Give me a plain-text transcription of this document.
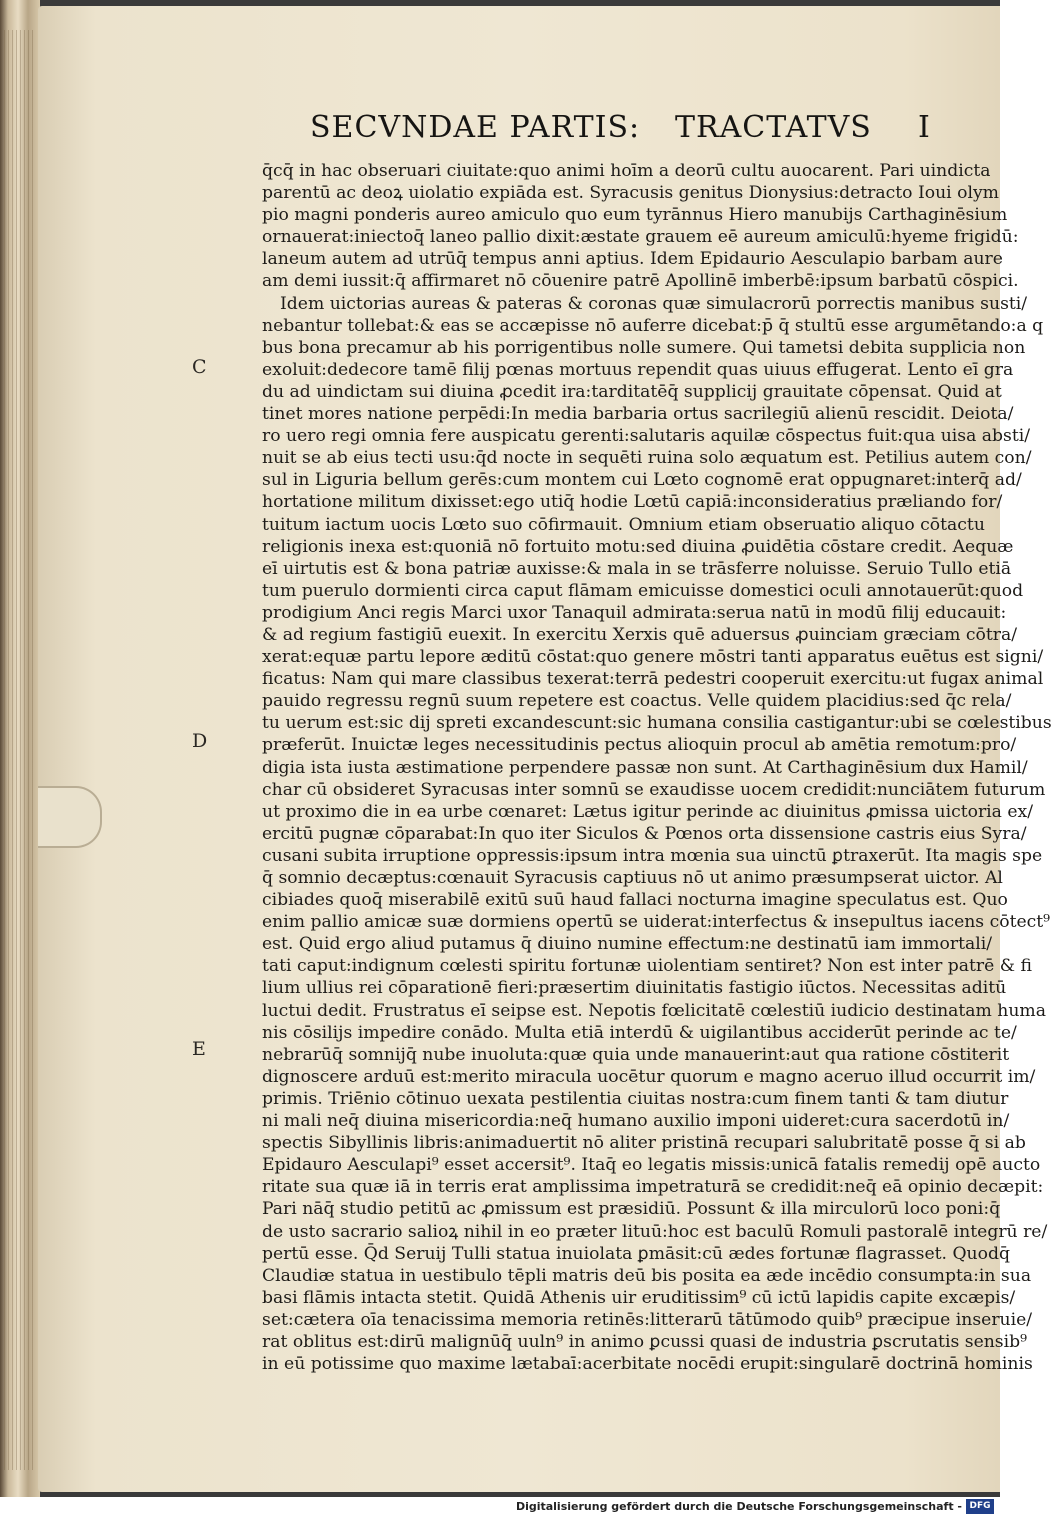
SECVNDAE PARTIS: TRACTATVS I
C
D
E
q̄cq̄ in hac obseruari ciuitate:quo animi hoīm a deorū cultu auocarent. Pari uindicta
parentū ac deoꝝ uiolatio expiāda est. Syracusis genitus Dionysius:detracto Ioui olym
pio magni ponderis aureo amiculo quo eum tyrānnus Hiero manubijs Carthaginēsium
ornauerat:iniectoq̄ laneo pallio dixit:æstate grauem eē aureum amiculū:hyeme frigidū:
laneum autem ad utrūq̄ tempus anni aptius. Idem Epidaurio Aesculapio barbam aure
am demi iussit:q̄ affirmaret nō cōuenire patrē Apollinē imberbē:ipsum barbatū cōspici.
Idem uictorias aureas & pateras & coronas quæ simulacrorū porrectis manibus susti/
nebantur tollebat:& eas se accæpisse nō auferre dicebat:p̄ q̄ stultū esse argumētando:a q
bus bona precamur ab his porrigentibus nolle sumere. Qui tametsi debita supplicia non
exoluit:dedecore tamē filij pœnas mortuus rependit quas uiuus effugerat. Lento eī gra
du ad uindictam sui diuina ꝓcedit ira:tarditatēq̄ supplicij grauitate cōpensat. Quid at
tinet mores natione perpēdi:In media barbaria ortus sacrilegiū alienū rescidit. Deiota/
ro uero regi omnia fere auspicatu gerenti:salutaris aquilæ cōspectus fuit:qua uisa absti/
nuit se ab eius tecti usu:q̄d nocte in sequēti ruina solo æquatum est. Petilius autem con/
sul in Liguria bellum gerēs:cum montem cui Lœto cognomē erat oppugnaret:interq̄ ad/
hortatione militum dixisset:ego utiq̄ hodie Lœtū capiā:inconsideratius præliando for/
tuitum iactum uocis Lœto suo cōfirmauit. Omnium etiam obseruatio aliquo cōtactu
religionis inexa est:quoniā nō fortuito motu:sed diuina ꝓuidētia cōstare credit. Aequæ
eī uirtutis est & bona patriæ auxisse:& mala in se trāsferre noluisse. Seruio Tullo etiā
tum puerulo dormienti circa caput flāmam emicuisse domestici oculi annotauerūt:quod
prodigium Anci regis Marci uxor Tanaquil admirata:serua natū in modū filij educauit:
& ad regium fastigiū euexit. In exercitu Xerxis quē aduersus ꝓuinciam græciam cōtra/
xerat:equæ partu lepore æditū cōstat:quo genere mōstri tanti apparatus euētus est signi/
ficatus: Nam qui mare classibus texerat:terrā pedestri cooperuit exercitu:ut fugax animal
pauido regressu regnū suum repetere est coactus. Velle quidem placidius:sed q̄c rela/
tu uerum est:sic dij spreti excandescunt:sic humana consilia castigantur:ubi se cœlestibus
præferūt. Inuictæ leges necessitudinis pectus alioquin procul ab amētia remotum:pro/
digia ista iusta æstimatione perpendere passæ non sunt. At Carthaginēsium dux Hamil/
char cū obsideret Syracusas inter somnū se exaudisse uocem credidit:nunciātem futurum
ut proximo die in ea urbe cœnaret: Lætus igitur perinde ac diuinitus ꝓmissa uictoria ex/
ercitū pugnæ cōparabat:In quo iter Siculos & Pœnos orta dissensione castris eius Syra/
cusani subita irruptione oppressis:ipsum intra mœnia sua uinctū ꝑtraxerūt. Ita magis spe
q̄ somnio decæptus:cœnauit Syracusis captiuus nō ut animo præsumpserat uictor. Al
cibiades quoq̄ miserabilē exitū suū haud fallaci nocturna imagine speculatus est. Quo
enim pallio amicæ suæ dormiens opertū se uiderat:interfectus & insepultus iacens cōtect⁹
est. Quid ergo aliud putamus q̄ diuino numine effectum:ne destinatū iam immortali/
tati caput:indignum cœlesti spiritu fortunæ uiolentiam sentiret? Non est inter patrē & fi
lium ullius rei cōparationē fieri:præsertim diuinitatis fastigio iūctos. Necessitas aditū
luctui dedit. Frustratus eī seipse est. Nepotis fœlicitatē cœlestiū iudicio destinatam huma
nis cōsilijs impedire conādo. Multa etiā interdū & uigilantibus acciderūt perinde ac te/
nebrarūq̄ somnijq̄ nube inuoluta:quæ quia unde manauerint:aut qua ratione cōstiterit
dignoscere arduū est:merito miracula uocētur quorum e magno aceruo illud occurrit im/
primis. Triēnio cōtinuo uexata pestilentia ciuitas nostra:cum finem tanti & tam diutur
ni mali neq̄ diuina misericordia:neq̄ humano auxilio imponi uideret:cura sacerdotū in/
spectis Sibyllinis libris:animaduertit nō aliter pristinā recupari salubritatē posse q̄ si ab
Epidauro Aesculapi⁹ esset accersit⁹. Itaq̄ eo legatis missis:unicā fatalis remedij opē aucto
ritate sua quæ iā in terris erat amplissima impetraturā se credidit:neq̄ eā opinio decæpit:
Pari nāq̄ studio petitū ac ꝓmissum est præsidiū. Possunt & illa mirculorū loco poni:q̄
de usto sacrario salioꝝ nihil in eo præter lituū:hoc est baculū Romuli pastoralē integrū re/
pertū esse. Q̄d Seruij Tulli statua inuiolata ꝑmāsit:cū ædes fortunæ flagrasset. Quodq̄
Claudiæ statua in uestibulo tēpli matris deū bis posita ea æde incēdio consumpta:in sua
basi flāmis intacta stetit. Quidā Athenis uir eruditissim⁹ cū ictū lapidis capite excæpis/
set:cætera oīa tenacissima memoria retinēs:litterarū tātūmodo quib⁹ præcipue inseruie/
rat oblitus est:dirū malignūq̄ uuln⁹ in animo ꝑcussi quasi de industria ꝑscrutatis sensib⁹
in eū potissime quo maxime lætabaī:acerbitate nocēdi erupit:singularē doctrinā hominis
Digitalisierung gefördert durch die Deutsche Forschungsgemeinschaft - DFG
